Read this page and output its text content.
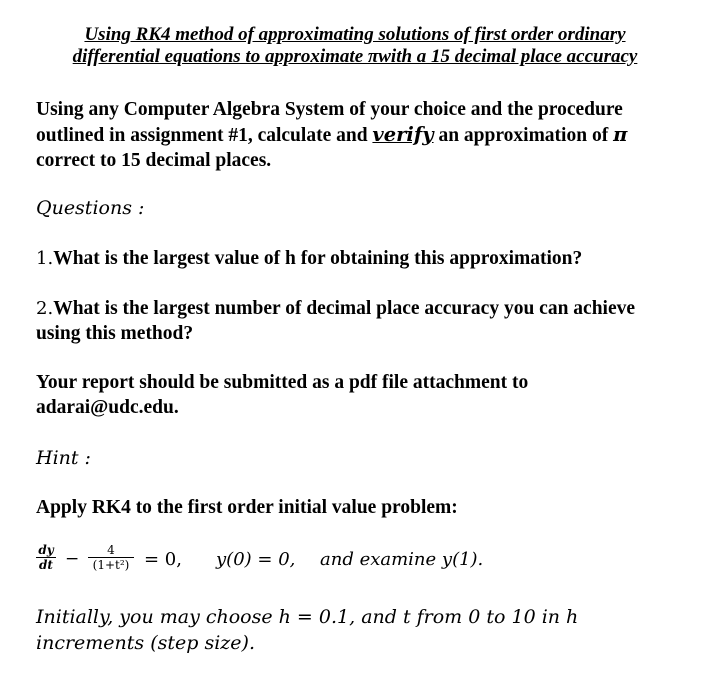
Using RK4 method of approximating solutions of first order ordinary
differential equations to approximate πwith a 15 decimal place accuracy
Using any Computer Algebra System of your choice and the procedure
outlined in assignment #1, calculate and verify an approximation of π
correct to 15 decimal places.
Questions :
1.What is the largest value of h for obtaining this approximation?
2.What is the largest number of decimal place accuracy you can achieve
using this method?
Your report should be submitted as a pdf file attachment to
adarai@udc.edu.
Hint :
Apply RK4 to the first order initial value problem:
dy
dt −	4
(1+t²) = 0, y(0) = 0, and examine y(1).
Initially, you may choose h = 0.1, and t from 0 to 10 in h
increments (step size).
